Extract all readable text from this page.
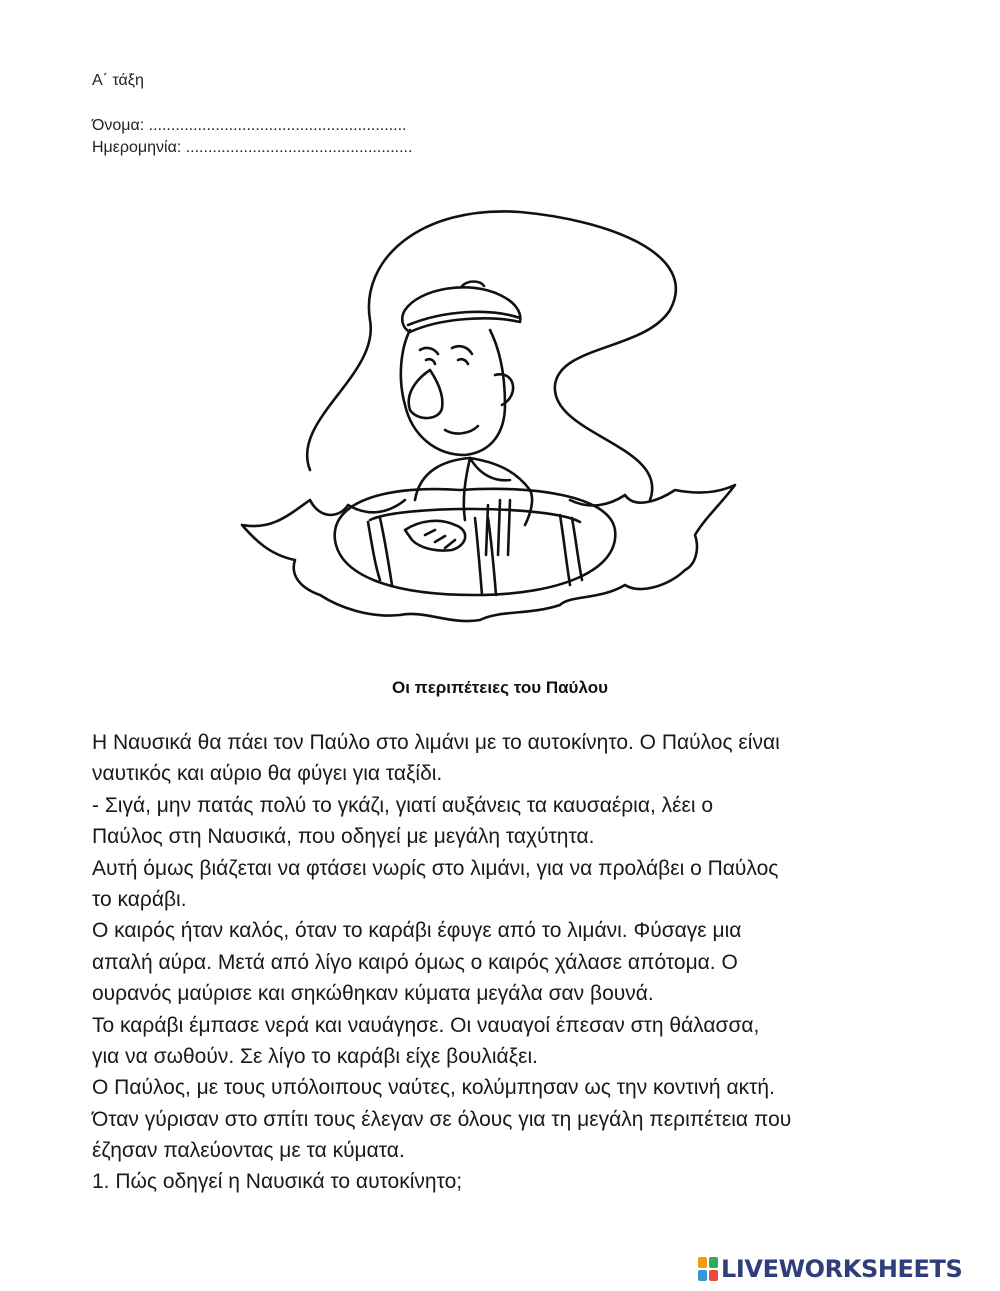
Α΄ τάξη
Όνομα: ..........................................................
Ημερομηνία: ...................................................
Οι περιπέτειες του Παύλου
Η Ναυσικά θα πάει τον Παύλο στο λιμάνι με το αυτοκίνητο. Ο Παύλος είναι
ναυτικός και αύριο θα φύγει για ταξίδι.
- Σιγά, μην πατάς πολύ το γκάζι, γιατί αυξάνεις τα καυσαέρια, λέει ο
Παύλος στη Ναυσικά, που οδηγεί με μεγάλη ταχύτητα.
Αυτή όμως βιάζεται να φτάσει νωρίς στο λιμάνι, για να προλάβει ο Παύλος
το καράβι.
Ο καιρός ήταν καλός, όταν το καράβι έφυγε από το λιμάνι. Φύσαγε μια
απαλή αύρα. Μετά από λίγο καιρό όμως ο καιρός χάλασε απότομα. Ο
ουρανός μαύρισε και σηκώθηκαν κύματα μεγάλα σαν βουνά.
Το καράβι έμπασε νερά και ναυάγησε. Οι ναυαγοί έπεσαν στη θάλασσα,
για να σωθούν. Σε λίγο το καράβι είχε βουλιάξει.
Ο Παύλος, με τους υπόλοιπους ναύτες, κολύμπησαν ως την κοντινή ακτή.
Όταν γύρισαν στο σπίτι τους έλεγαν σε όλους για τη μεγάλη περιπέτεια που
έζησαν παλεύοντας με τα κύματα.
1. Πώς οδηγεί η Ναυσικά το αυτοκίνητο;
LIVEWORKSHEETS
